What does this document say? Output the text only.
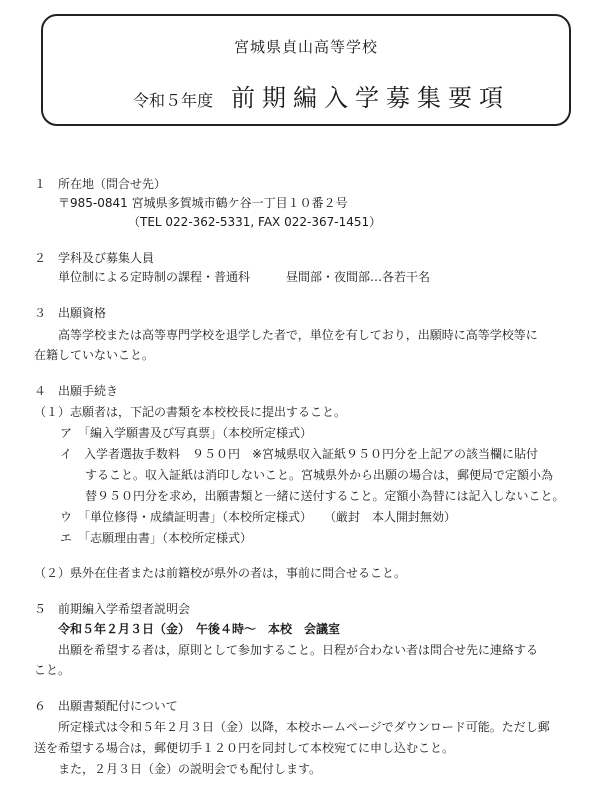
宮城県貞山高等学校
令和５年度 前期編入学募集要項
１　所在地（問合せ先）
〒985-0841 宮城県多賀城市鶴ケ谷一丁目１０番２号
（TEL 022-362-5331, FAX 022-367-1451）
２　学科及び募集人員
単位制による定時制の課程・普通科　　　昼間部・夜間部…各若干名
３　出願資格
高等学校または高等専門学校を退学した者で，単位を有しており，出願時に高等学校等に
在籍していないこと。
４　出願手続き
（１）志願者は，下記の書類を本校校長に提出すること。
ア　「編入学願書及び写真票」（本校所定様式）
イ　入学者選抜手数料　９５０円　※宮城県収入証紙９５０円分を上記アの該当欄に貼付
すること。収入証紙は消印しないこと。宮城県外から出願の場合は，郵便局で定額小為
替９５０円分を求め，出願書類と一緒に送付すること。定額小為替には記入しないこと。
ウ　「単位修得・成績証明書」（本校所定様式）　　（厳封　本人開封無効）
エ　「志願理由書」（本校所定様式）
（２）県外在住者または前籍校が県外の者は，事前に問合せること。
５　前期編入学希望者説明会
令和５年２月３日（金）　午後４時～　本校　会議室
出願を希望する者は，原則として参加すること。日程が合わない者は問合せ先に連絡する
こと。
６　出願書類配付について
所定様式は令和５年２月３日（金）以降，本校ホームページでダウンロード可能。ただし郵
送を希望する場合は，郵便切手１２０円を同封して本校宛てに申し込むこと。
また，２月３日（金）の説明会でも配付します。
